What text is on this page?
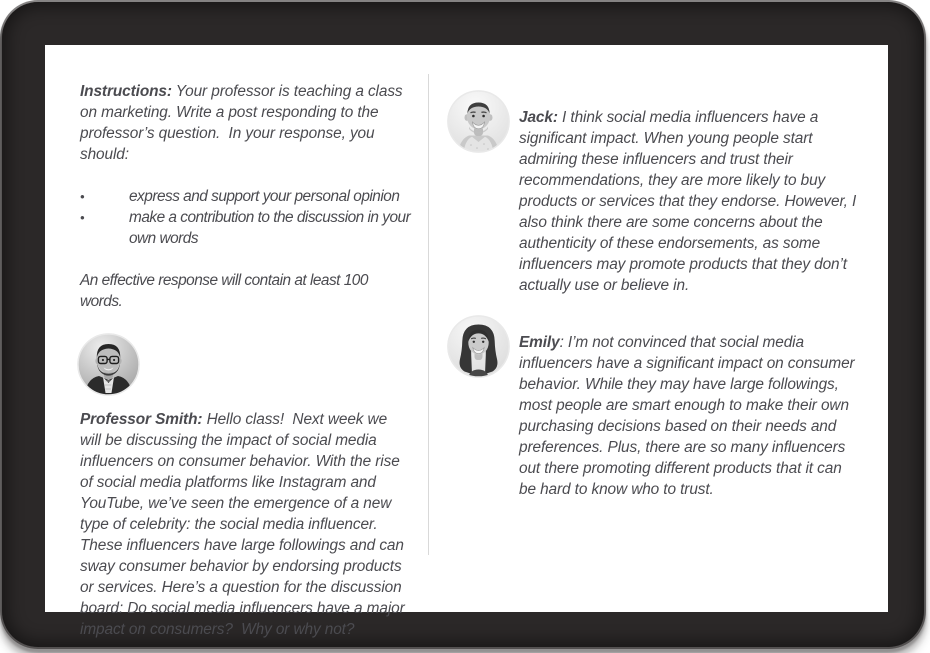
Instructions: Your professor is teaching a class on marketing. Write a post responding to the professor’s question.  In your response, you should:

•	express and support your personal opinion
•	make a contribution to the discussion in your own words

An effective response will contain at least 100 words.

Professor Smith: Hello class!  Next week we will be discussing the impact of social media influencers on consumer behavior. With the rise of social media platforms like Instagram and YouTube, we’ve seen the emergence of a new type of celebrity: the social media influencer. These influencers have large followings and can sway consumer behavior by endorsing products or services. Here’s a question for the discussion board: Do social media influencers have a major impact on consumers?  Why or why not?

Jack: I think social media influencers have a significant impact. When young people start admiring these influencers and trust their recommendations, they are more likely to buy products or services that they endorse. However, I also think there are some concerns about the authenticity of these endorsements, as some influencers may promote products that they don’t actually use or believe in.

Emily: I’m not convinced that social media influencers have a significant impact on consumer behavior. While they may have large followings, most people are smart enough to make their own purchasing decisions based on their needs and preferences. Plus, there are so many influencers out there promoting different products that it can be hard to know who to trust.
